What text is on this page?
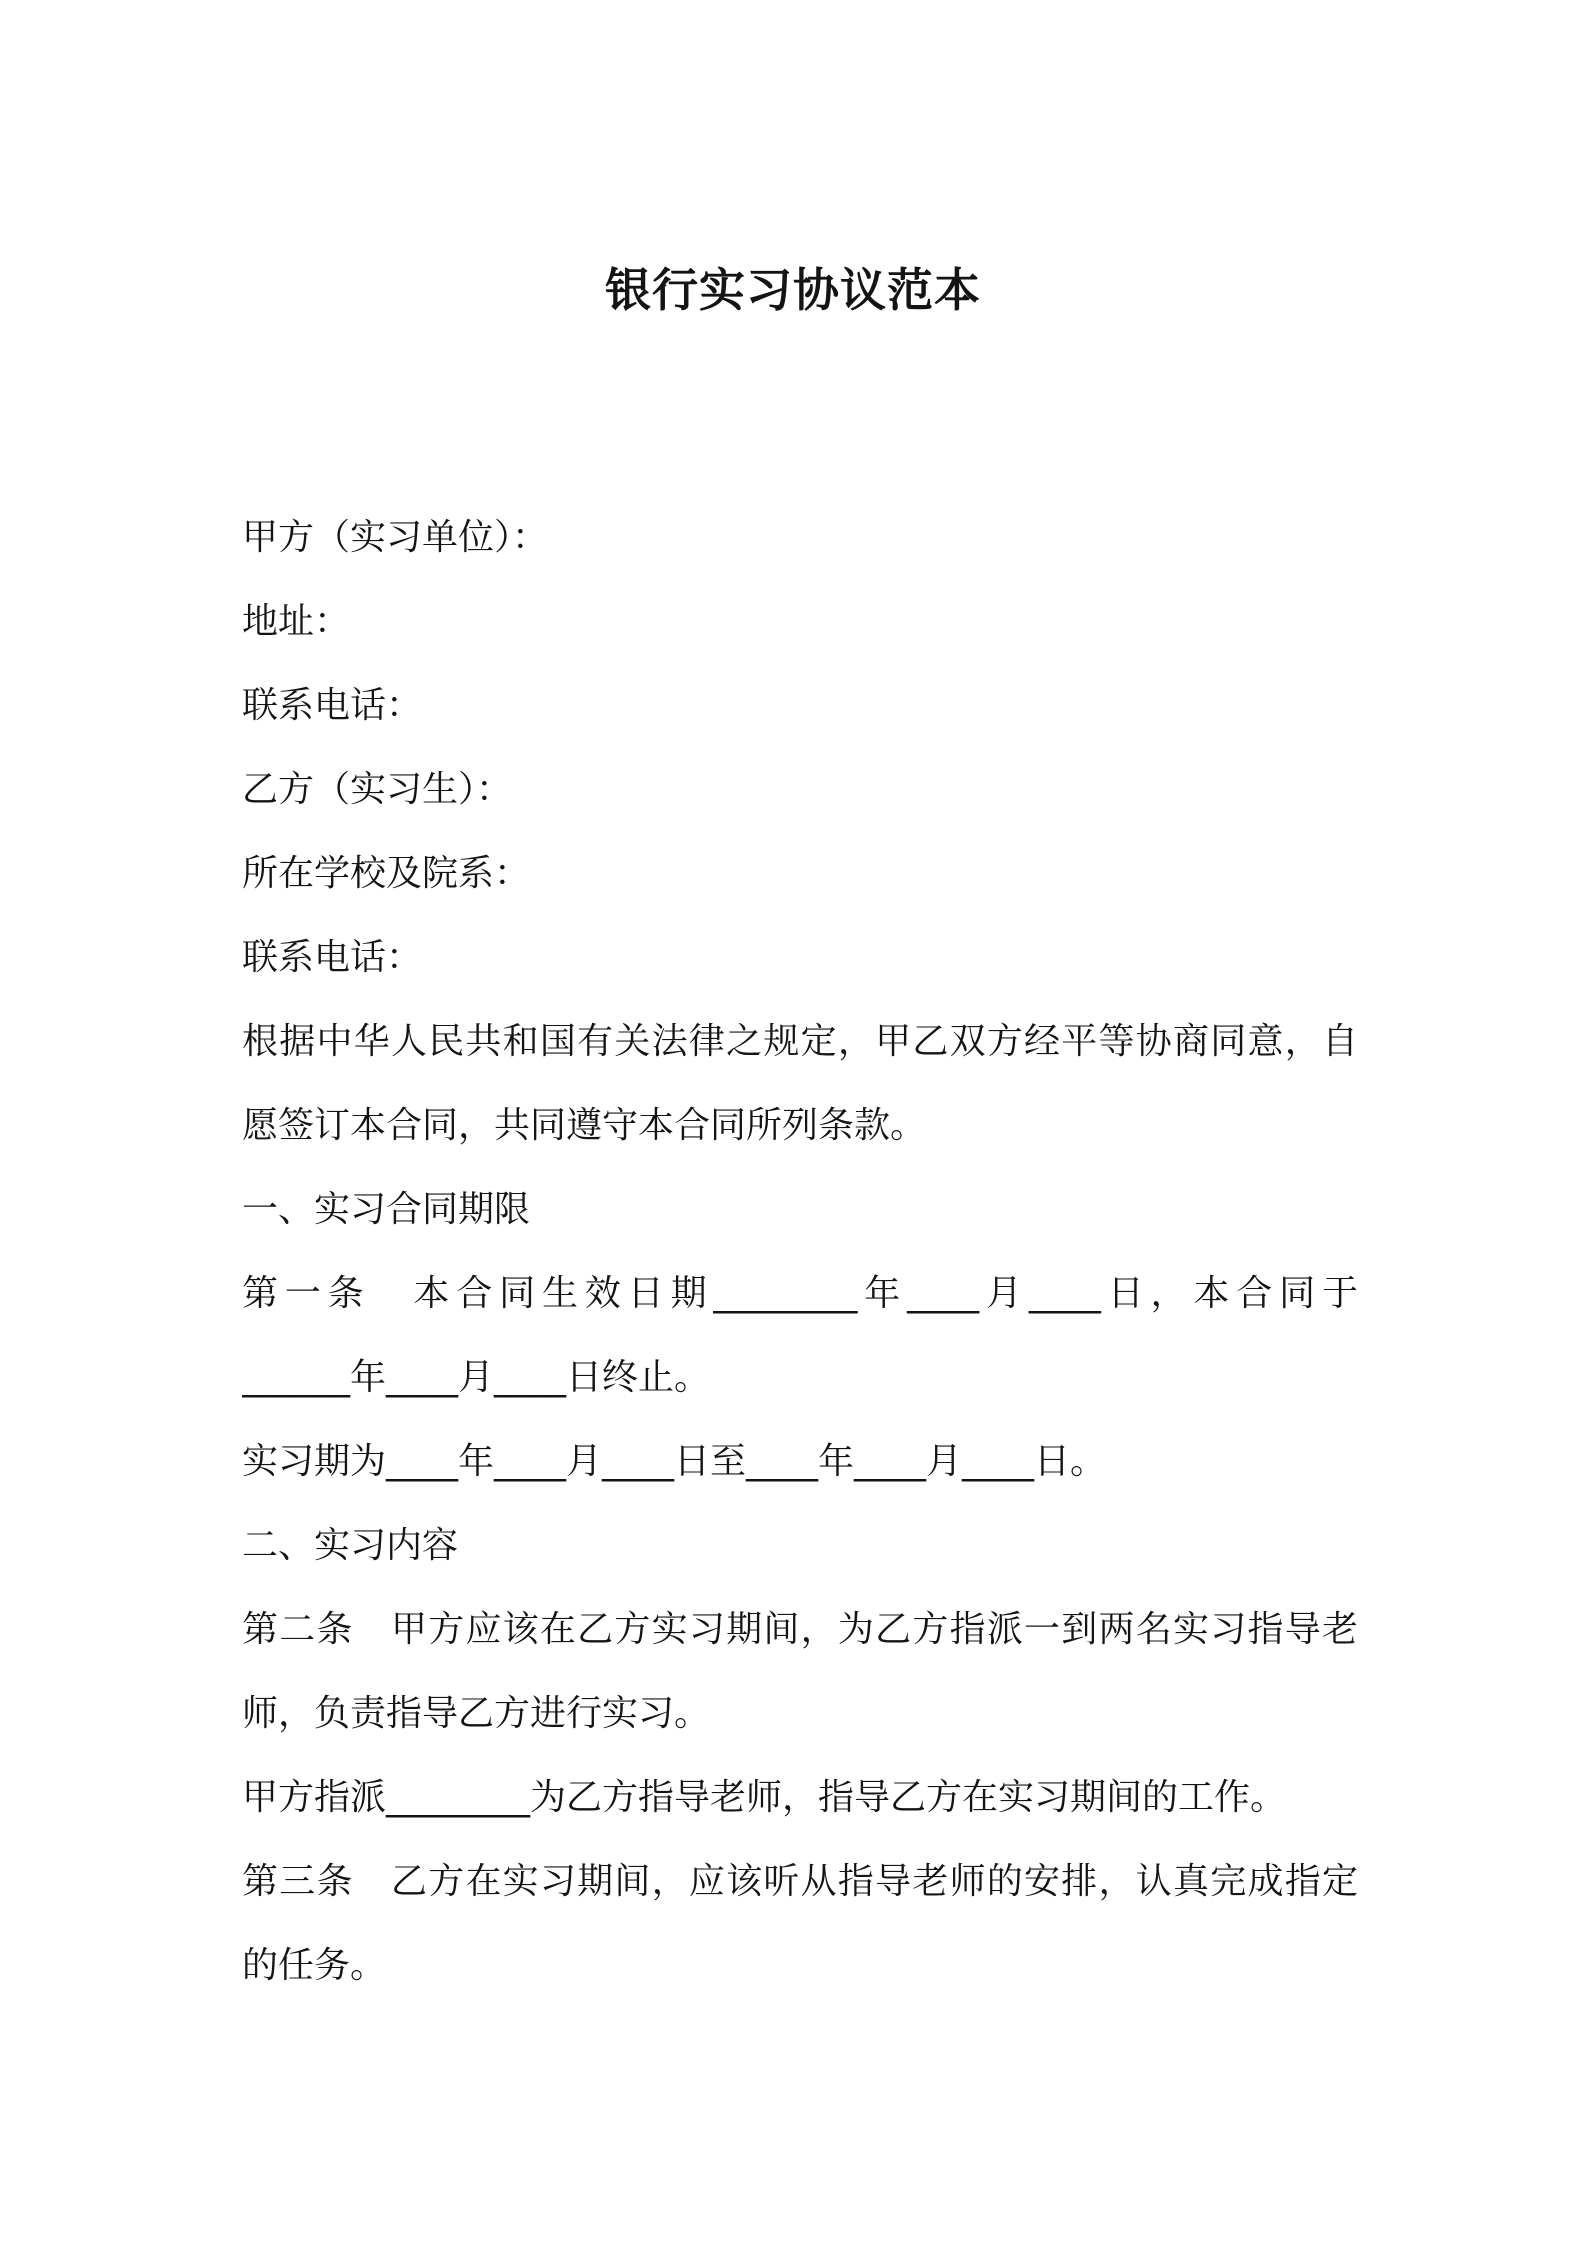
银行实习协议范本
甲方（实习单位）：
地址：
联系电话：
乙方（实习生）：
所在学校及院系：
联系电话：
根据中华人民共和国有关法律之规定，甲乙双方经平等协商同意，自
愿签订本合同，共同遵守本合同所列条款。
一、实习合同期限
第一条　本合同生效日期________年____月____日，本合同于
______年____月____日终止。
实习期为____年____月____日至____年____月____日。
二、实习内容
第二条　甲方应该在乙方实习期间，为乙方指派一到两名实习指导老
师，负责指导乙方进行实习。
甲方指派________为乙方指导老师，指导乙方在实习期间的工作。
第三条　乙方在实习期间，应该听从指导老师的安排，认真完成指定
的任务。
